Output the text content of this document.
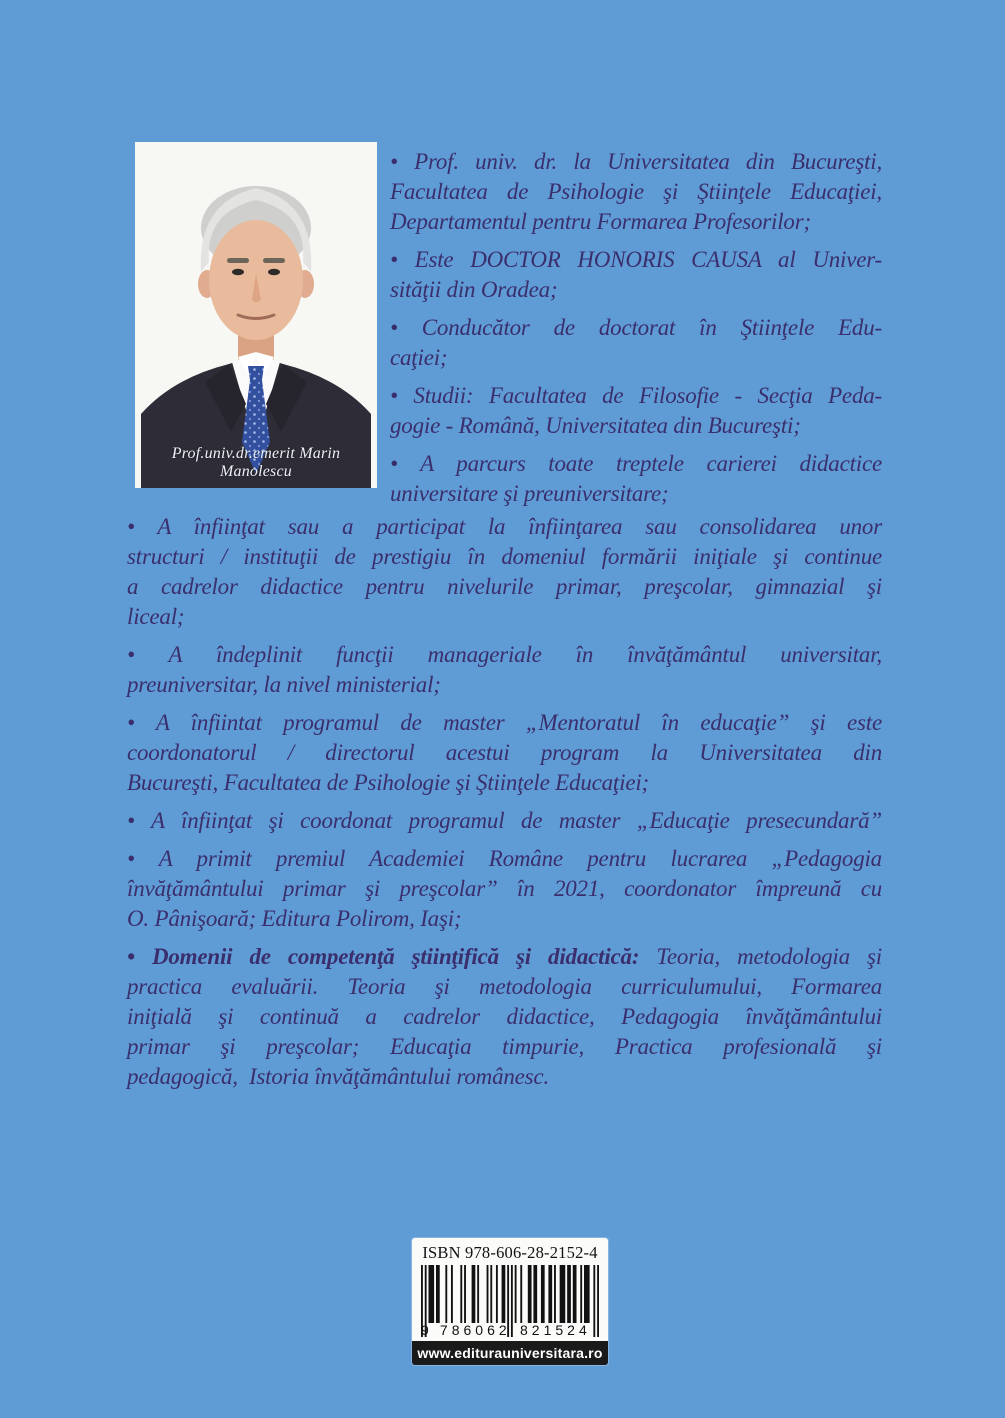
Prof.univ.dr.emerit Marin Manolescu
• Prof. univ. dr. la Universitatea din Bucureşti,
Facultatea de Psihologie şi Ştiinţele Educaţiei,
Departamentul pentru Formarea Profesorilor;
• Este DOCTOR HONORIS CAUSA al Univer-
sităţii din Oradea;
• Conducător de doctorat în Ştiinţele Edu-
caţiei;
• Studii: Facultatea de Filosofie - Secţia Peda-
gogie - Română, Universitatea din Bucureşti;
• A parcurs toate treptele carierei didactice
universitare şi preuniversitare;
• A înfiinţat sau a participat la înfiinţarea sau consolidarea unor
structuri / instituţii de prestigiu în domeniul formării iniţiale şi continue
a cadrelor didactice pentru nivelurile primar, preşcolar, gimnazial şi
liceal;
• A îndeplinit funcţii manageriale în învăţământul universitar,
preuniversitar, la nivel ministerial;
• A înfiintat programul de master „Mentoratul în educaţie” şi este
coordonatorul / directorul acestui program la Universitatea din
Bucureşti, Facultatea de Psihologie şi Ştiinţele Educaţiei;
• A înfiinţat şi coordonat programul de master „Educaţie presecundară”
• A primit premiul Academiei Române pentru lucrarea „Pedagogia
învăţământului primar şi preşcolar” în 2021, coordonator împreună cu
O. Pânişoară; Editura Polirom, Iaşi;
• Domenii de competenţă ştiinţifică şi didactică: Teoria, metodologia şi
practica evaluării. Teoria şi metodologia curriculumului, Formarea
iniţială şi continuă a cadrelor didactice, Pedagogia învăţământului
primar şi preşcolar; Educaţia timpurie, Practica profesională şi
pedagogică,  Istoria învăţământului românesc.
ISBN 978-606-28-2152-4
9 786062 821524
www.editurauniversitara.ro
